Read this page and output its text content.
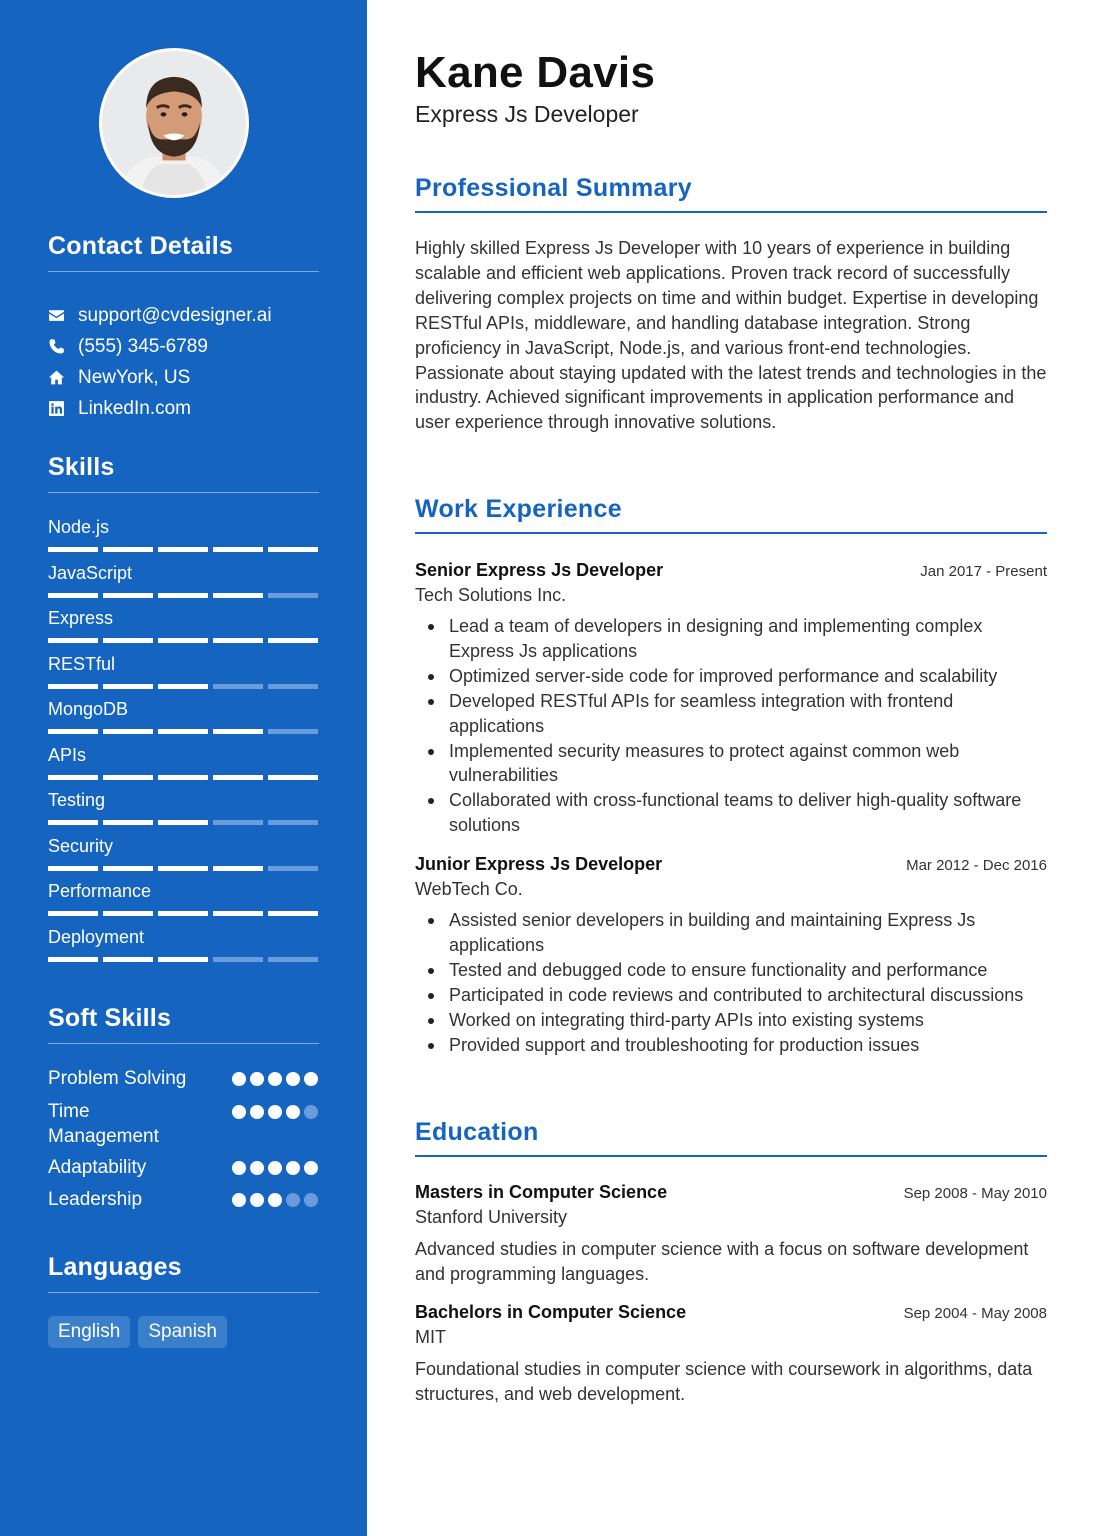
Contact Details
support@cvdesigner.ai
(555) 345-6789
NewYork, US
LinkedIn.com
Skills
Node.js
JavaScript
Express
RESTful
MongoDB
APIs
Testing
Security
Performance
Deployment
Soft Skills
Problem Solving
Time Management
Adaptability
Leadership
Languages
English	Spanish
Kane Davis
Express Js Developer
Professional Summary

Highly skilled Express Js Developer with 10 years of experience in building scalable and efficient web applications. Proven track record of successfully delivering complex projects on time and within budget. Expertise in developing RESTful APIs, middleware, and handling database integration. Strong proficiency in JavaScript, Node.js, and various front-end technologies. Passionate about staying updated with the latest trends and technologies in the industry. Achieved significant improvements in application performance and user experience through innovative solutions.

Work Experience
Senior Express Js Developer	Jan 2017 - Present
Tech Solutions Inc.
Lead a team of developers in designing and implementing complex Express Js applications
Optimized server-side code for improved performance and scalability
Developed RESTful APIs for seamless integration with frontend applications
Implemented security measures to protect against common web vulnerabilities
Collaborated with cross-functional teams to deliver high-quality software solutions
Junior Express Js Developer	Mar 2012 - Dec 2016
WebTech Co.
Assisted senior developers in building and maintaining Express Js applications
Tested and debugged code to ensure functionality and performance
Participated in code reviews and contributed to architectural discussions
Worked on integrating third-party APIs into existing systems
Provided support and troubleshooting for production issues
Education
Masters in Computer Science	Sep 2008 - May 2010
Stanford University

Advanced studies in computer science with a focus on software development and programming languages.

Bachelors in Computer Science	Sep 2004 - May 2008
MIT

Foundational studies in computer science with coursework in algorithms, data structures, and web development.
